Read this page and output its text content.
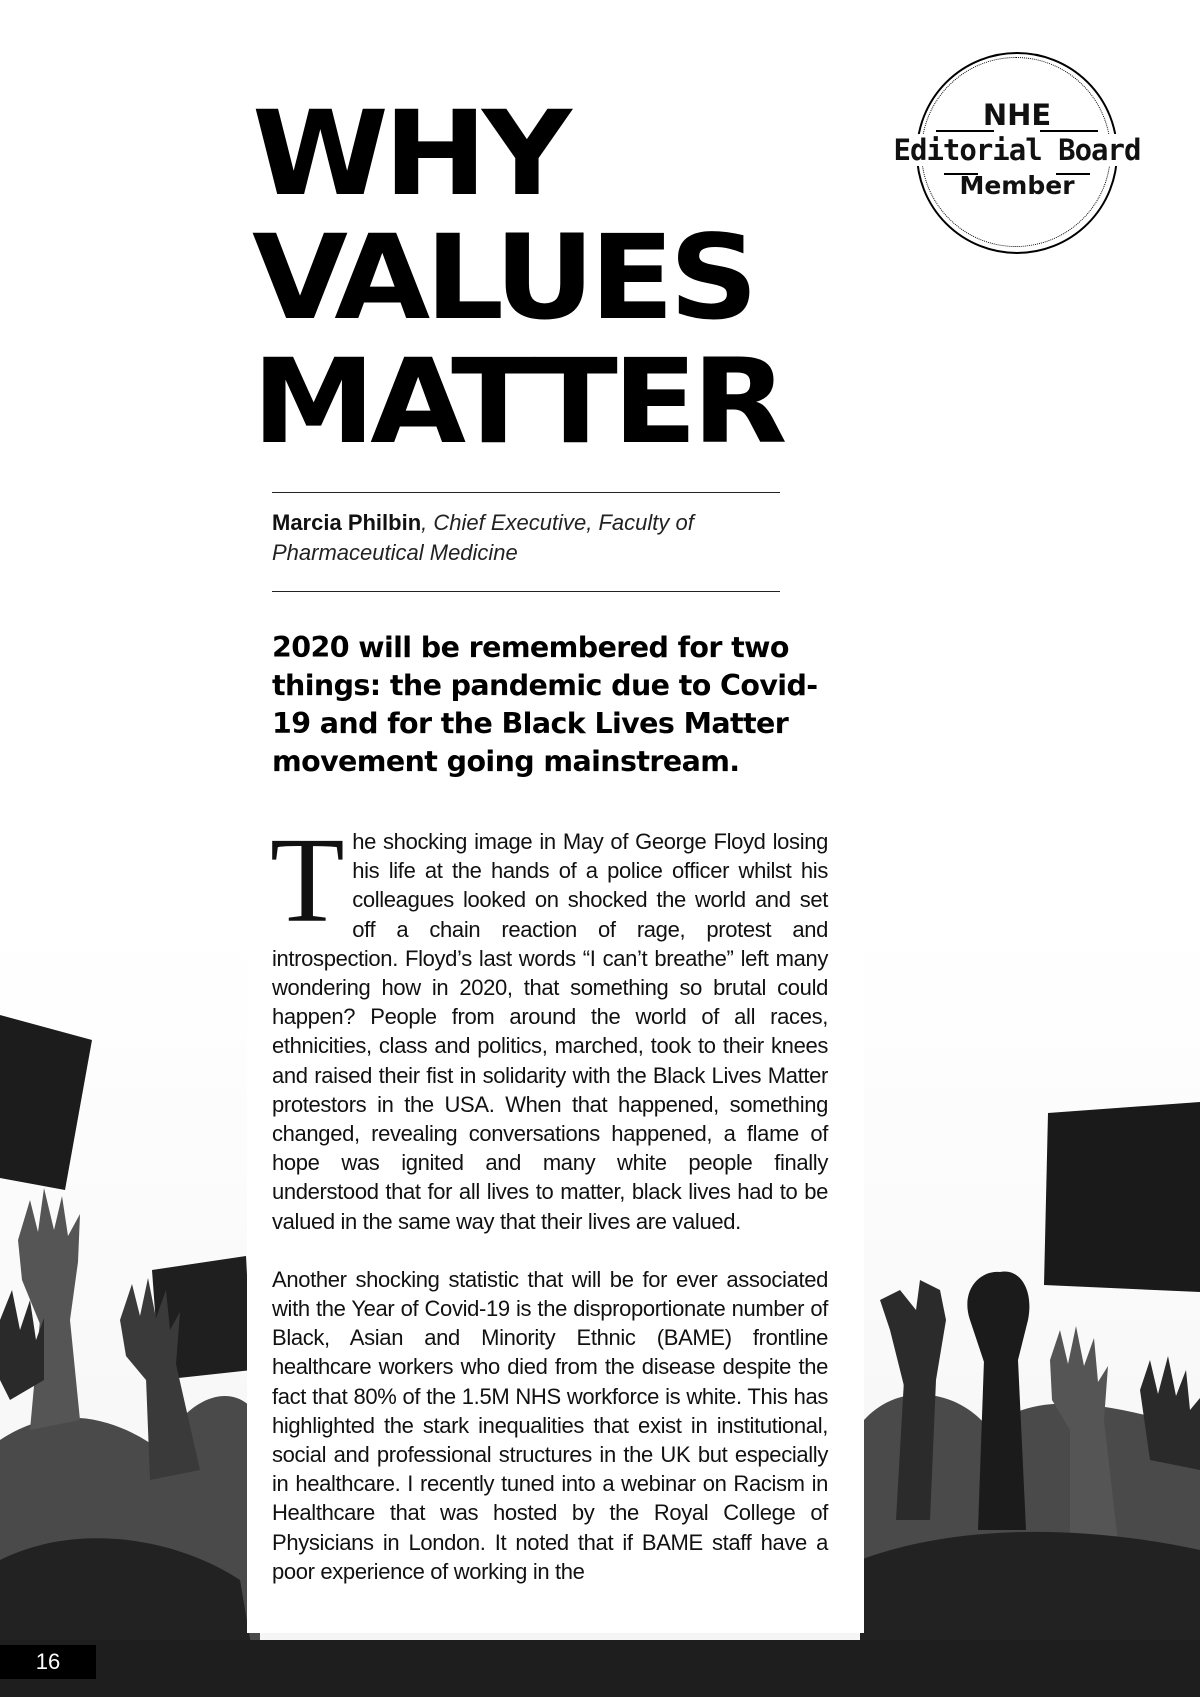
WHY
VALUES
MATTER
NHE
Editorial Board
Member
Marcia Philbin, Chief Executive, Faculty of Pharmaceutical Medicine

2020 will be remembered for two things: the pandemic due to Covid-19 and for the Black Lives Matter movement going mainstream.

The shocking image in May of George Floyd losing his life at the hands of a police officer whilst his colleagues looked on shocked the world and set off a chain reaction of rage, protest and introspection. Floyd’s last words “I can’t breathe” left many wondering how in 2020, that something so brutal could happen? People from around the world of all races, ethnicities, class and politics, marched, took to their knees and raised their fist in solidarity with the Black Lives Matter protestors in the USA. When that happened, something changed, revealing conversations happened, a flame of hope was ignited and many white people finally understood that for all lives to matter, black lives had to be valued in the same way that their lives are valued.

Another shocking statistic that will be for ever associated with the Year of Covid-19 is the disproportionate number of Black, Asian and Minority Ethnic (BAME) frontline healthcare workers who died from the disease despite the fact that 80% of the 1.5M NHS workforce is white. This has highlighted the stark inequalities that exist in institutional, social and professional structures in the UK but especially in healthcare. I recently tuned into a webinar on Racism in Healthcare that was hosted by the Royal College of Physicians in London. It noted that if BAME staff have a poor experience of working in the

16
